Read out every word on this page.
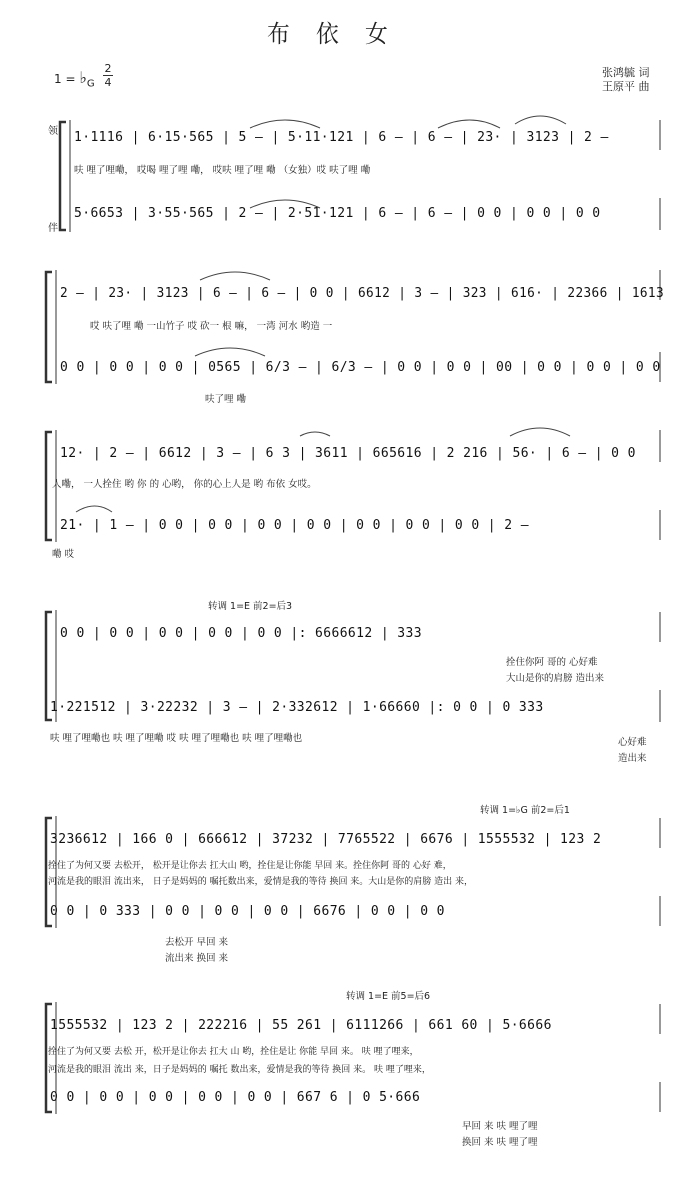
布 依 女
$1 = ♭_G$
2
4
张鸿毓 词
王原平 曲
领
伴
1·1116 | 6·15·565 | 5 – | 5·11·121 | 6 – | 6 – | 23· | 3123 | 2 –
呋 哩了哩嘞， 哎喝 哩了哩 嘞， 哎呋 哩了哩 嘞 （女独）哎 呋了哩 嘞
5·6653 | 3·55·565 | 2 – | 2·51·121 | 6 – | 6 – | 0 0 | 0 0 | 0 0
2 – | 23· | 3123 | 6 – | 6 – | 0 0 | 6612 | 3 – | 323 | 616· | 22366 | 1613
哎 呋了哩 嘞 一山竹子 哎 砍一 根 嘛， 一湾 河水 哟造 一
0 0 | 0 0 | 0 0 | 0565 | 6/3 – | 6/3 – | 0 0 | 0 0 | 00 | 0 0 | 0 0 | 0 0
呋了哩 嘞
12· | 2 – | 6612 | 3 – | 6 3 | 3611 | 665616 | 2 216 | 56· | 6 – | 0 0
人嘞， 一人拴住 哟 你 的 心哟， 你的心上人是 哟 布依 女哎。
21· | 1 – | 0 0 | 0 0 | 0 0 | 0 0 | 0 0 | 0 0 | 0 0 | 2 –
嘞 哎
转调 1=E 前2=后3
0 0 | 0 0 | 0 0 | 0 0 | 0 0 |: 6666612 | 333
拴住你阿 哥的 心好难
大山是你的肩膀 造出来
1·221512 | 3·22232 | 3 – | 2·332612 | 1·66660 |: 0 0 | 0 333
呋 哩了哩嘞也 呋 哩了哩嘞 哎 呋 哩了哩嘞也 呋 哩了哩嘞也	心好难
造出来
转调 1=♭G 前2=后1
3236612 | 166 0 | 666612 | 37232 | 7765522 | 6676 | 1555532 | 123 2
拴住了为何又要 去松开， 松开是让你去 扛大山 哟，拴住是让你能 早回 来。拴住你阿 哥的 心好 难，
河流是我的眼泪 流出来， 日子是妈妈的 嘱托数出来，爱情是我的等待 换回 来。大山是你的肩膀 造出 来，
0 0 | 0 333 | 0 0 | 0 0 | 0 0 | 6676 | 0 0 | 0 0
去松开 早回 来
流出来 换回 来
转调 1=E 前5=后6
1555532 | 123 2 | 222216 | 55 261 | 6111266 | 661 60 | 5·6666
拴住了为何又要 去松 开，松开是让你去 扛大 山 哟，拴住是让 你能 早回 来。 呋 哩了哩来，
河流是我的眼泪 流出 来，日子是妈妈的 嘱托 数出来，爱情是我的等待 换回 来。 呋 哩了哩来，
0 0 | 0 0 | 0 0 | 0 0 | 0 0 | 667 6 | 0 5·666
早回 来 呋 哩了哩
换回 来 呋 哩了哩
